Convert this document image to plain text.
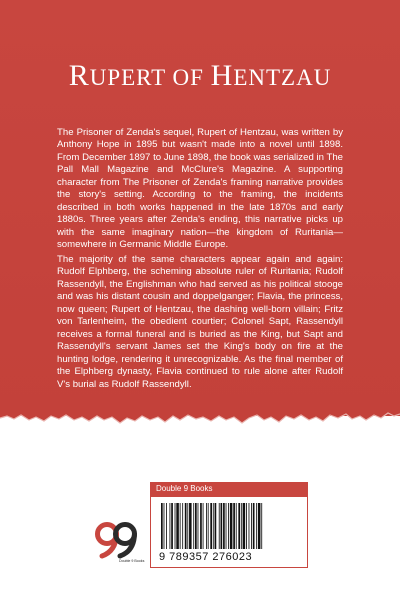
RUPERT OF HENTZAU

The Prisoner of Zenda's sequel, Rupert of Hentzau, was written by Anthony Hope in 1895 but wasn't made into a novel until 1898. From December 1897 to June 1898, the book was serialized in The Pall Mall Magazine and McClure's Magazine. A supporting character from The Prisoner of Zenda's framing narrative provides the story's setting. According to the framing, the incidents described in both works happened in the late 1870s and early 1880s. Three years after Zenda's ending, this narrative picks up with the same imaginary nation—the kingdom of Ruritania—somewhere in Germanic Middle Europe.

The majority of the same characters appear again and again: Rudolf Elphberg, the scheming absolute ruler of Ruritania; Rudolf Rassendyll, the Englishman who had served as his political stooge and was his distant cousin and doppelganger; Flavia, the princess, now queen; Rupert of Hentzau, the dashing well-born villain; Fritz von Tarlenheim, the obedient courtier; Colonel Sapt, Rassendyll receives a formal funeral and is buried as the King, but Sapt and Rassendyll's servant James set the King's body on fire at the hunting lodge, rendering it unrecognizable. As the final member of the Elphberg dynasty, Flavia continued to rule alone after Rudolf V's burial as Rudolf Rassendyll.

Double 9 Books
Double 9 Books
9 789357 276023
